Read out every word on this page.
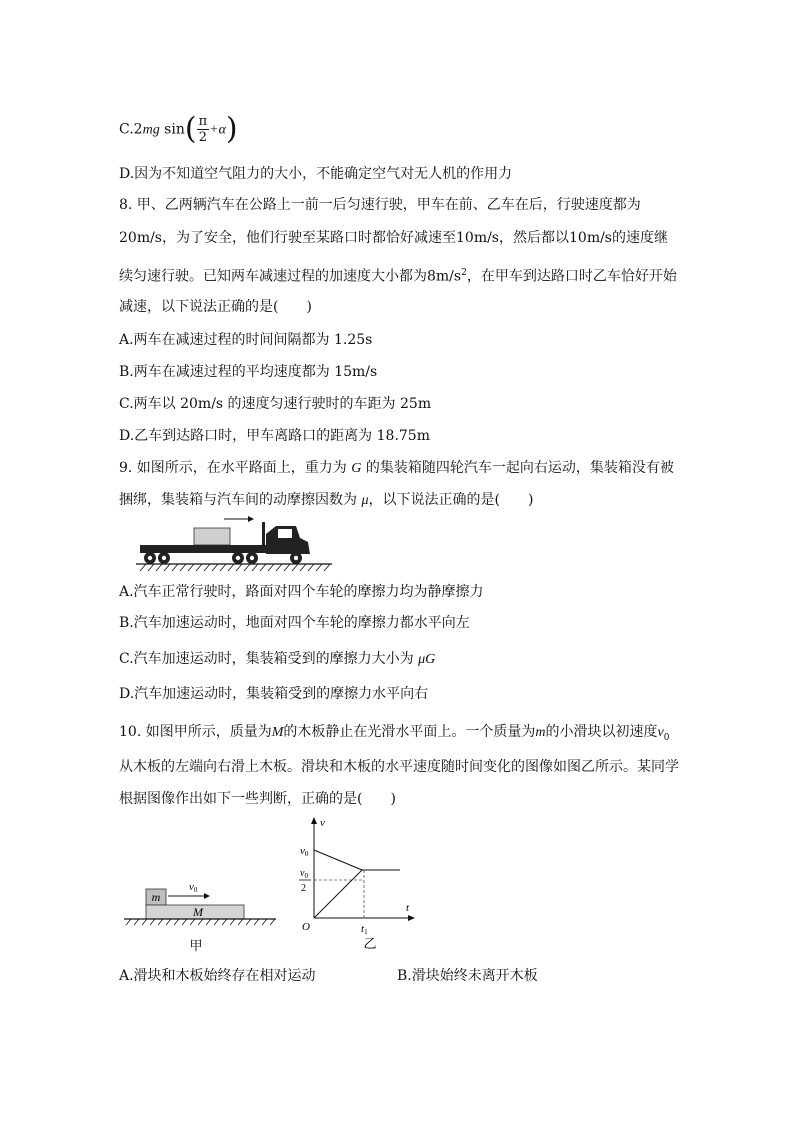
C.2mg $\sin( \frac{\pi}{2} +\alpha)$
D.因为不知道空气阻力的大小，不能确定空气对无人机的作用力
8. 甲、乙两辆汽车在公路上一前一后匀速行驶，甲车在前、乙车在后，行驶速度都为
20m/s，为了安全，他们行驶至某路口时都恰好减速至10m/s，然后都以10m/s的速度继
续匀速行驶。已知两车减速过程的加速度大小都为$8m/s^2$，在甲车到达路口时乙车恰好开始
减速，以下说法正确的是(　　)
A.两车在减速过程的时间间隔都为 1.25s
B.两车在减速过程的平均速度都为 15m/s
C.两车以 20m/s 的速度匀速行驶时的车距为 25m
D.乙车到达路口时，甲车离路口的距离为 18.75m
9. 如图所示，在水平路面上，重力为 G 的集装箱随四轮汽车一起向右运动，集装箱没有被
捆绑，集装箱与汽车间的动摩擦因数为 μ，以下说法正确的是(　　)
A.汽车正常行驶时，路面对四个车轮的摩擦力均为静摩擦力
B.汽车加速运动时，地面对四个车轮的摩擦力都水平向左
C.汽车加速运动时，集装箱受到的摩擦力大小为 μG
D.汽车加速运动时，集装箱受到的摩擦力水平向右
10. 如图甲所示，质量为M的木板静止在光滑水平面上。一个质量为m的小滑块以初速度$v_0$
从木板的左端向右滑上木板。滑块和木板的水平速度随时间变化的图像如图乙所示。某同学
根据图像作出如下一些判断，正确的是(　　)
m
M
v0
甲
v
t
O
v0
$v_0$
2
t1
乙
A.滑块和木板始终存在相对运动	B.滑块始终未离开木板
